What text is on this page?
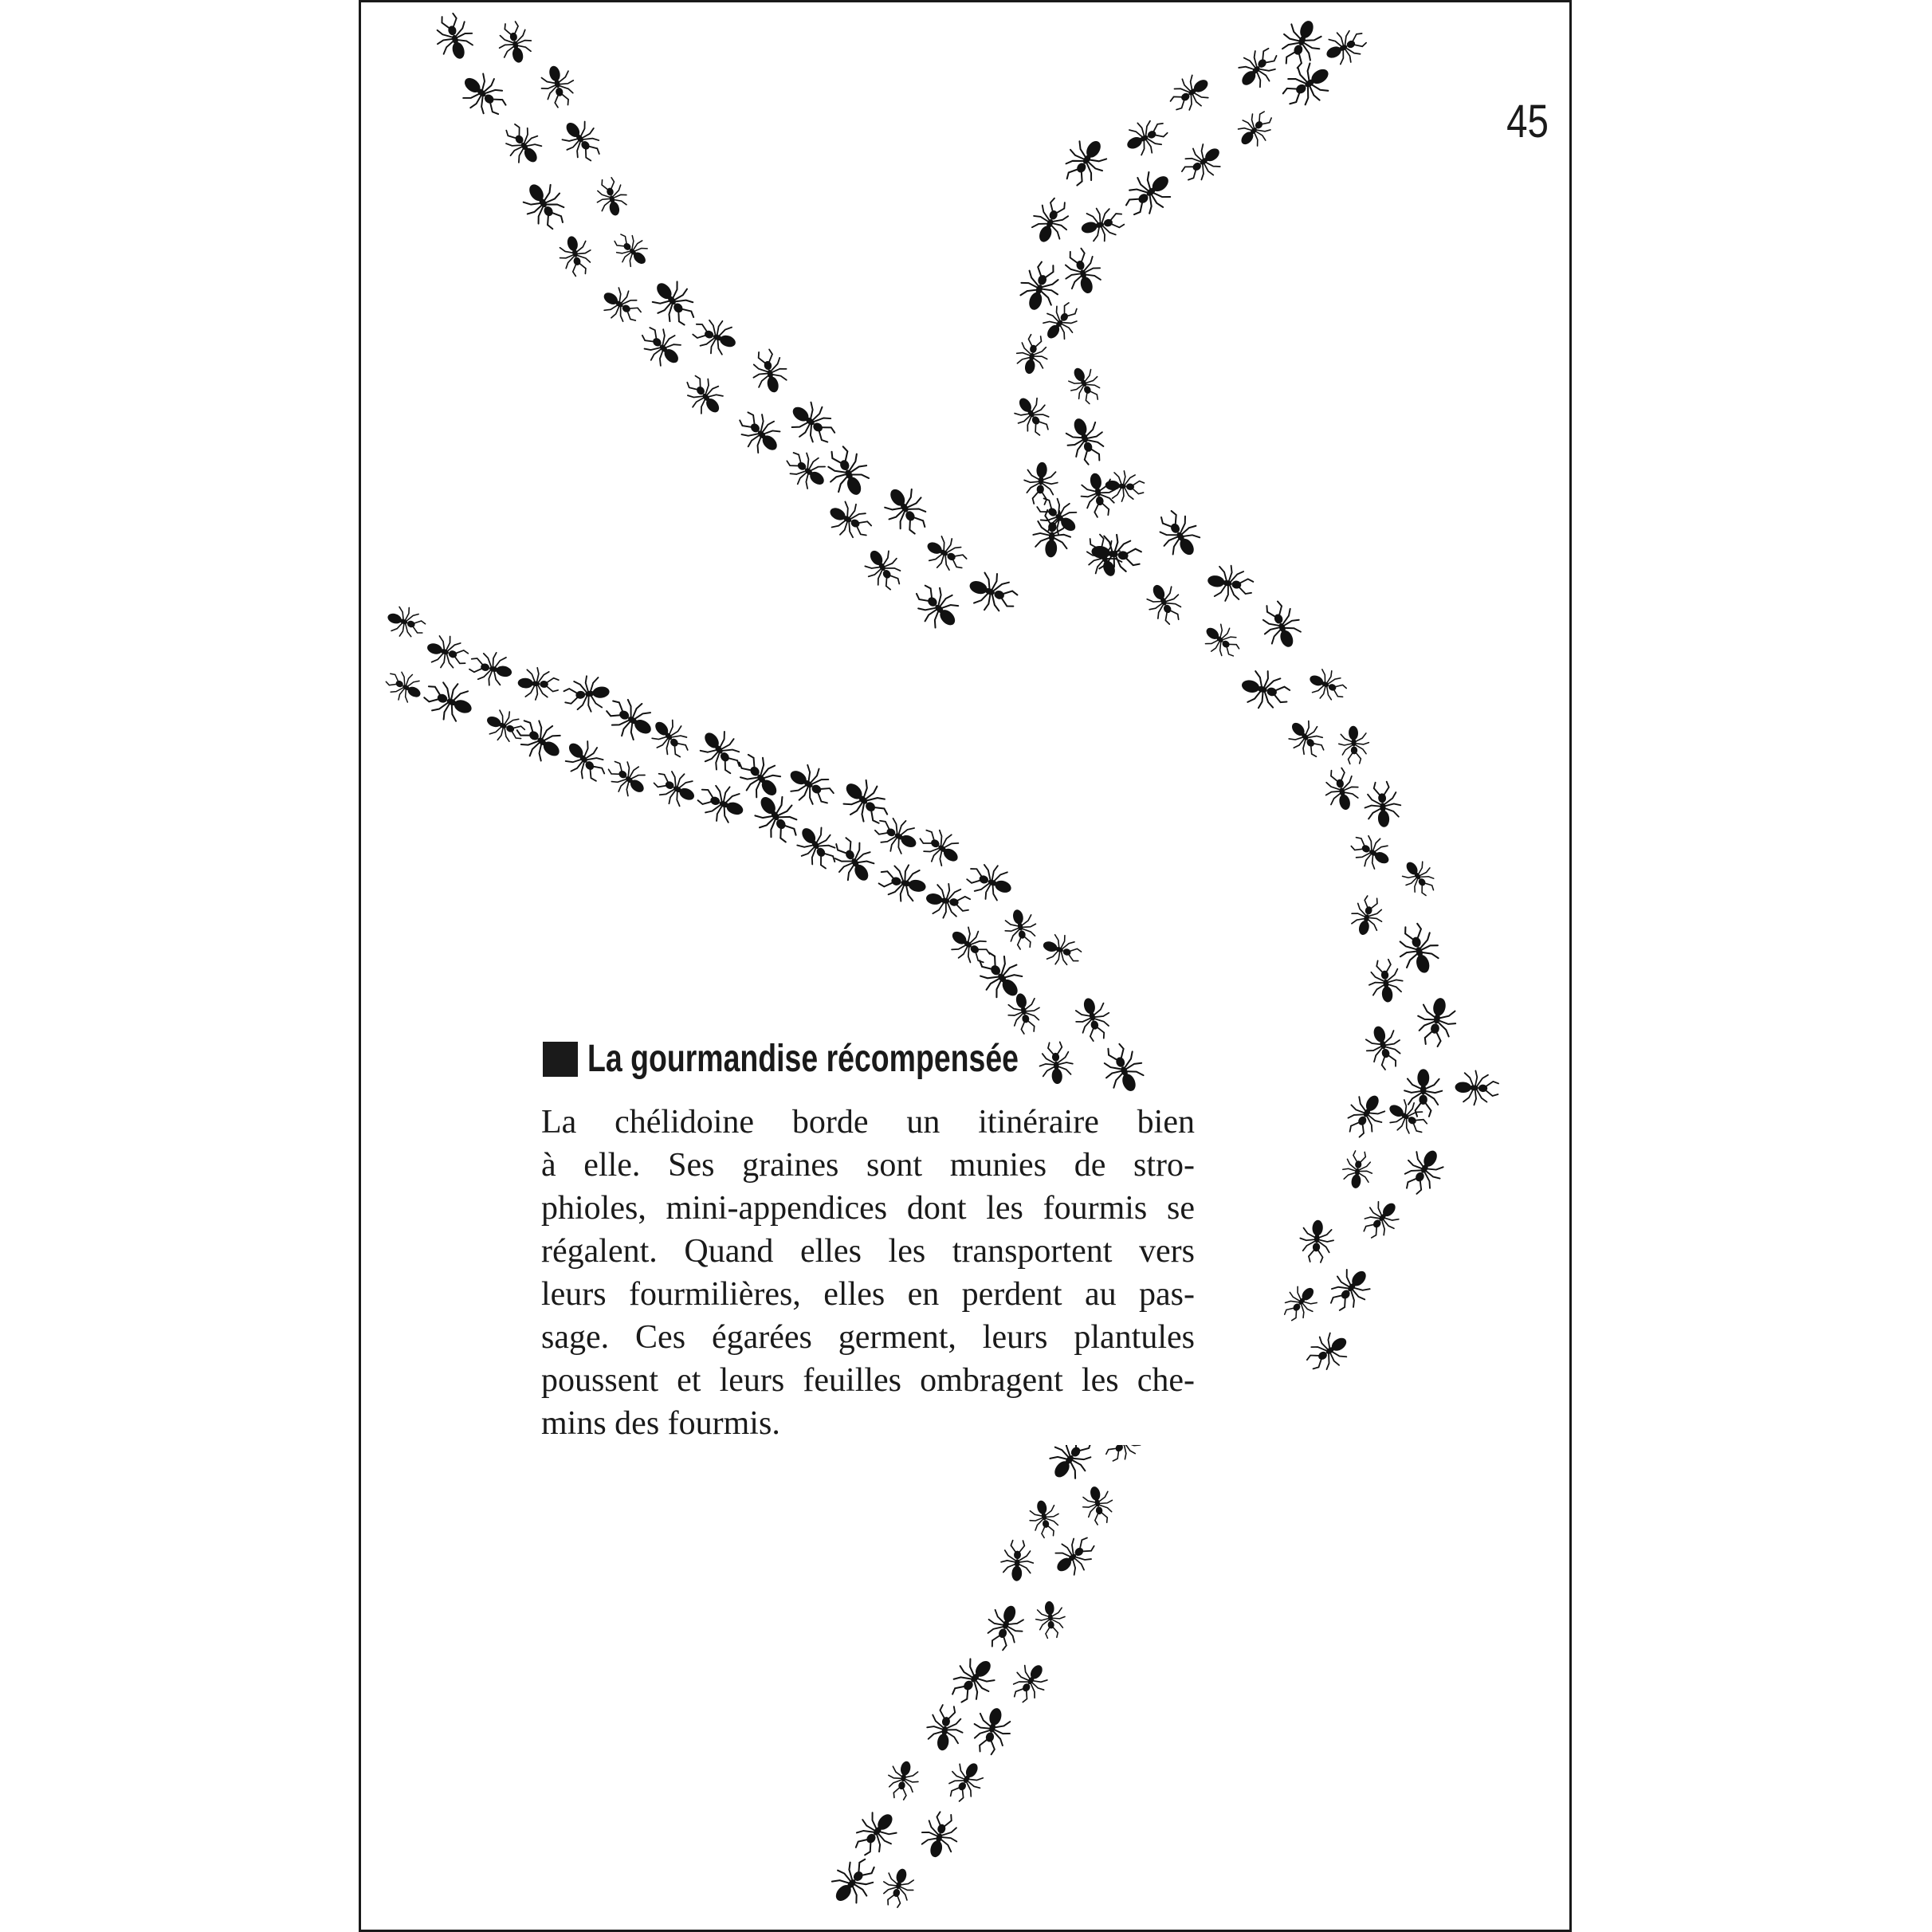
45
La gourmandise récompensée
La chélidoine borde un itinéraire bien
à elle. Ses graines sont munies de stro-
phioles, mini-appendices dont les fourmis se
régalent. Quand elles les transportent vers
leurs fourmilières, elles en perdent au pas-
sage. Ces égarées germent, leurs plantules
poussent et leurs feuilles ombragent les che-
mins des fourmis.
